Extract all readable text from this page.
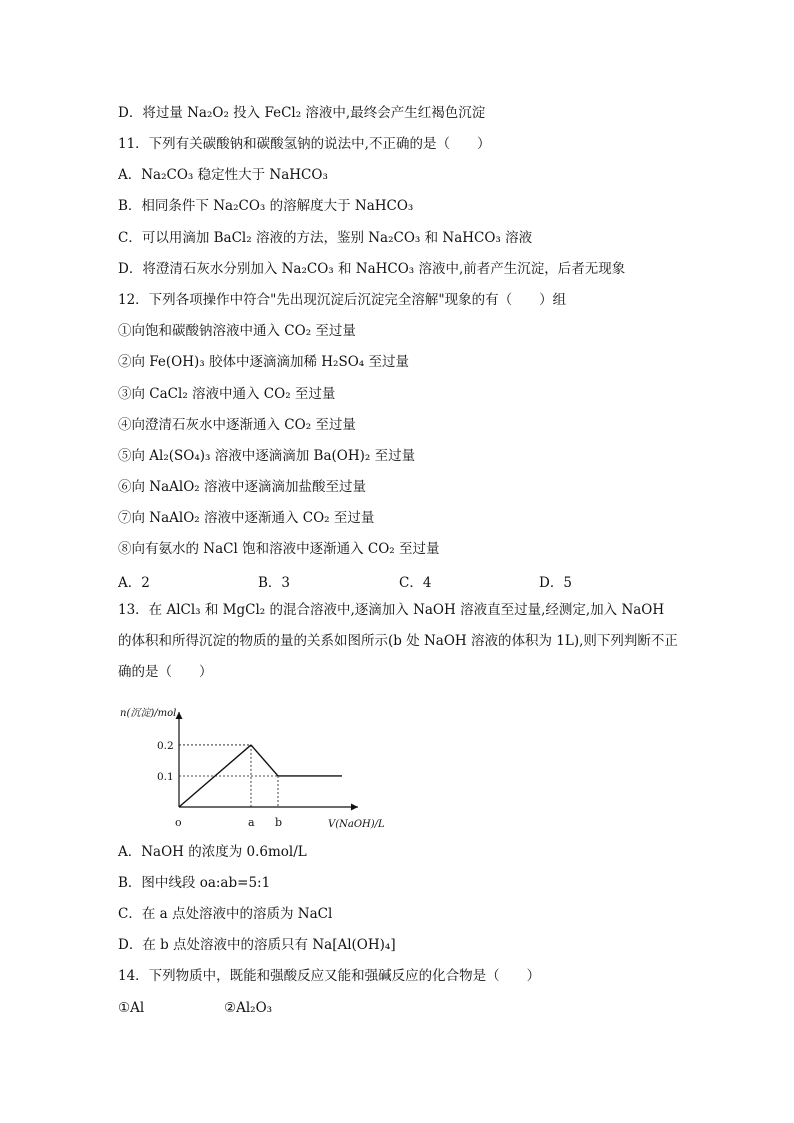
D．将过量 Na₂O₂ 投入 FeCl₂ 溶液中,最终会产生红褐色沉淀
11．下列有关碳酸钠和碳酸氢钠的说法中,不正确的是（　　）
A．Na₂CO₃ 稳定性大于 NaHCO₃
B．相同条件下 Na₂CO₃ 的溶解度大于 NaHCO₃
C．可以用滴加 BaCl₂ 溶液的方法，鉴别 Na₂CO₃ 和 NaHCO₃ 溶液
D．将澄清石灰水分别加入 Na₂CO₃ 和 NaHCO₃ 溶液中,前者产生沉淀，后者无现象
12．下列各项操作中符合"先出现沉淀后沉淀完全溶解"现象的有（　　）组
①向饱和碳酸钠溶液中通入 CO₂ 至过量
②向 Fe(OH)₃ 胶体中逐滴滴加稀 H₂SO₄ 至过量
③向 CaCl₂ 溶液中通入 CO₂ 至过量
④向澄清石灰水中逐渐通入 CO₂ 至过量
⑤向 Al₂(SO₄)₃ 溶液中逐滴滴加 Ba(OH)₂ 至过量
⑥向 NaAlO₂ 溶液中逐滴滴加盐酸至过量
⑦向 NaAlO₂ 溶液中逐渐通入 CO₂ 至过量
⑧向有氨水的 NaCl 饱和溶液中逐渐通入 CO₂ 至过量
A．2	B．3	C．4	D．5
13．在 AlCl₃ 和 MgCl₂ 的混合溶液中,逐滴加入 NaOH 溶液直至过量,经测定,加入 NaOH 的体积和所得沉淀的物质的量的关系如图所示(b 处 NaOH 溶液的体积为 1L),则下列判断不正确的是（　　）
n(沉淀)/mol
V(NaOH)/L
o
0.1
0.2
a b
A．NaOH 的浓度为 0.6mol/L
B．图中线段 oa:ab=5:1
C．在 a 点处溶液中的溶质为 NaCl
D．在 b 点处溶液中的溶质只有 Na[Al(OH)₄]
14．下列物质中，既能和强酸反应又能和强碱反应的化合物是（　　）
①Al	②Al₂O₃
